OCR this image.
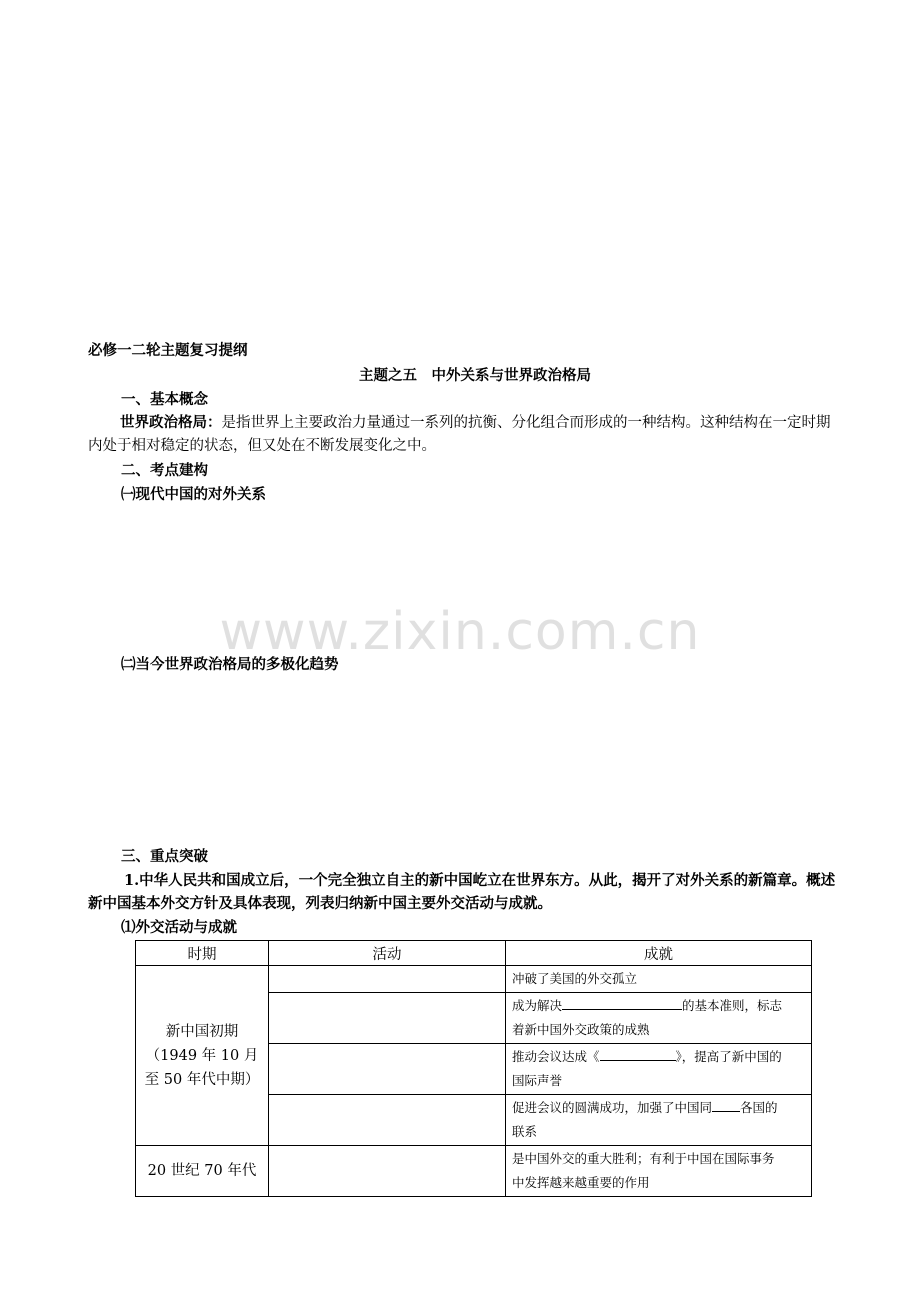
www.zixin.com.cn
必修一二轮主题复习提纲
主题之五　中外关系与世界政治格局
一、基本概念
世界政治格局：是指世界上主要政治力量通过一系列的抗衡、分化组合而形成的一种结构。这种结构在一定时期内处于相对稳定的状态，但又处在不断发展变化之中。
二、考点建构
㈠现代中国的对外关系
㈡当今世界政治格局的多极化趋势
三、重点突破
1.中华人民共和国成立后，一个完全独立自主的新中国屹立在世界东方。从此，揭开了对外关系的新篇章。概述新中国基本外交方针及具体表现，列表归纳新中国主要外交活动与成就。
⑴外交活动与成就
时期	活动	成就

新中国初期
（1949 年 10 月
至 50 年代中期）		冲破了美国的外交孤立
		成为解决 的基本准则，标志
着新中国外交政策的成熟
		推动会议达成《 》，提高了新中国的
国际声誉
		促进会议的圆满成功，加强了中国同 各国的
联系
20 世纪 70 年代		是中国外交的重大胜利；有利于中国在国际事务
中发挥越来越重要的作用
